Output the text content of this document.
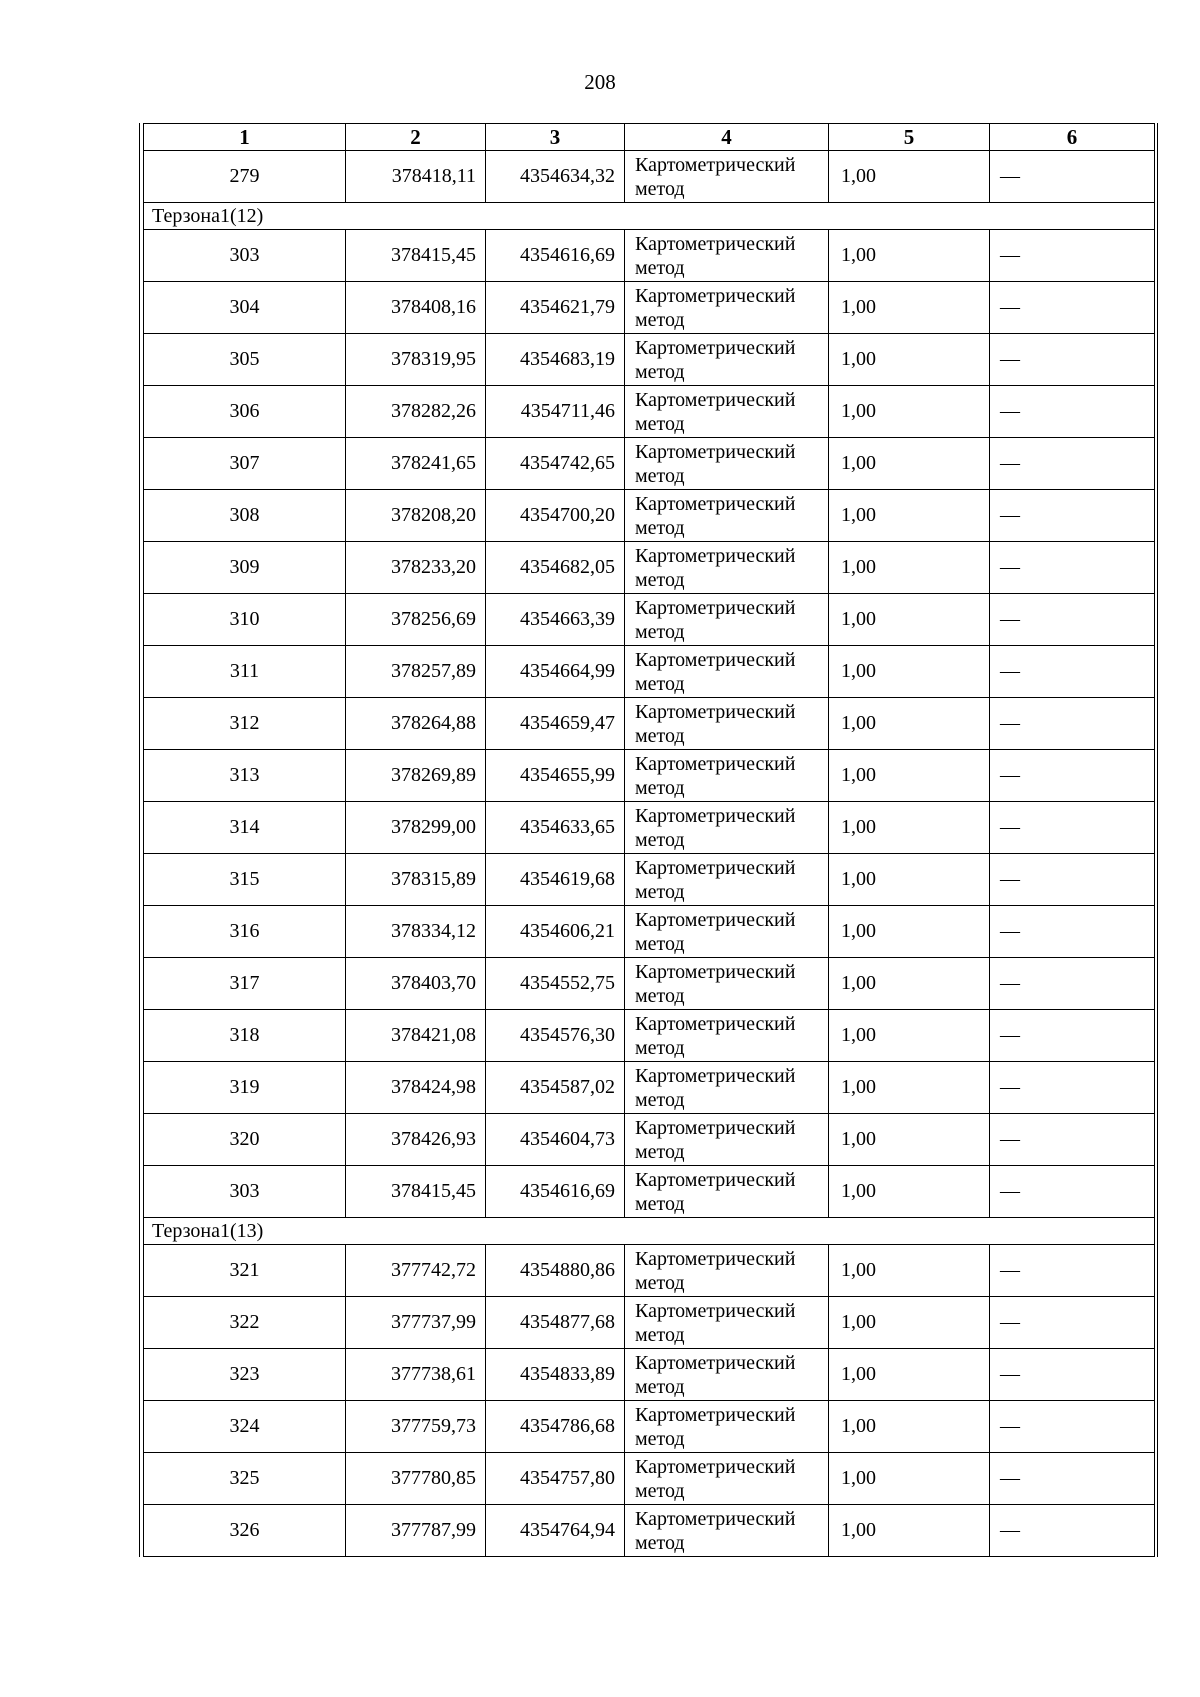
208
1	2	3	4	5	6
279	378418,11	4354634,32	Картометрический метод	1,00	—
Терзона1(12)					
303	378415,45	4354616,69	Картометрический метод	1,00	—
304	378408,16	4354621,79	Картометрический метод	1,00	—
305	378319,95	4354683,19	Картометрический метод	1,00	—
306	378282,26	4354711,46	Картометрический метод	1,00	—
307	378241,65	4354742,65	Картометрический метод	1,00	—
308	378208,20	4354700,20	Картометрический метод	1,00	—
309	378233,20	4354682,05	Картометрический метод	1,00	—
310	378256,69	4354663,39	Картометрический метод	1,00	—
311	378257,89	4354664,99	Картометрический метод	1,00	—
312	378264,88	4354659,47	Картометрический метод	1,00	—
313	378269,89	4354655,99	Картометрический метод	1,00	—
314	378299,00	4354633,65	Картометрический метод	1,00	—
315	378315,89	4354619,68	Картометрический метод	1,00	—
316	378334,12	4354606,21	Картометрический метод	1,00	—
317	378403,70	4354552,75	Картометрический метод	1,00	—
318	378421,08	4354576,30	Картометрический метод	1,00	—
319	378424,98	4354587,02	Картометрический метод	1,00	—
320	378426,93	4354604,73	Картометрический метод	1,00	—
303	378415,45	4354616,69	Картометрический метод	1,00	—
Терзона1(13)					
321	377742,72	4354880,86	Картометрический метод	1,00	—
322	377737,99	4354877,68	Картометрический метод	1,00	—
323	377738,61	4354833,89	Картометрический метод	1,00	—
324	377759,73	4354786,68	Картометрический метод	1,00	—
325	377780,85	4354757,80	Картометрический метод	1,00	—
326	377787,99	4354764,94	Картометрический метод	1,00	—
